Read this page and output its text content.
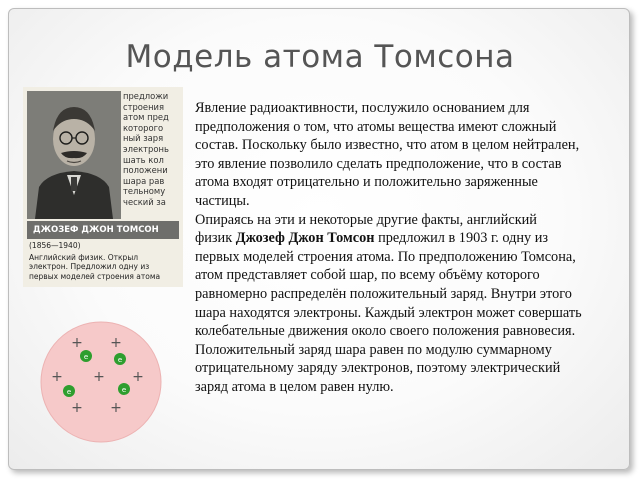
Модель атома Томсона
предложи
строения
атом пред
которого
ный заря
электронь
шать кол
положени
шара рав
тельному
ческий за
ДЖОЗЕФ ДЖОН ТОМСОН
(1856—1940)
Английский физик. Открыл
электрон. Предложил одну из
первых моделей строения атома
+ +
+ + +
+ +
e	e
e	e
Явление радиоактивности, послужило основанием для
предположения о том, что атомы вещества имеют сложный
состав. Поскольку было известно, что атом в целом нейтрален,
это явление позволило сделать предположение, что в состав
атома входят отрицательно и положительно заряженные
частицы.
Опираясь на эти и некоторые другие факты, английский
физик Джозеф Джон Томсон предложил в 1903 г. одну из
первых моделей строения атома. По предположению Томсона,
атом представляет собой шар, по всему объёму которого
равномерно распределён положительный заряд. Внутри этого
шара находятся электроны. Каждый электрон может совершать
колебательные движения около своего положения равновесия.
Положительный заряд шара равен по модулю суммарному
отрицательному заряду электронов, поэтому электрический
заряд атома в целом равен нулю.
